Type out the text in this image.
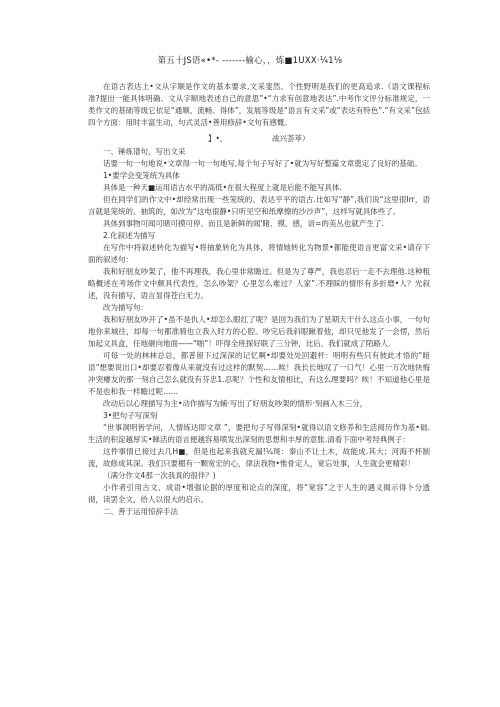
第五十JS语«•*- -------榆心，，炼■1UXX·¼1⅛

在语古表达上•文从字顺是作文的基本要求,文采斐然、个性野明是我们的更高追求.《语文课程标准?提出一能具体明确、文从字顺地表述自己的意思”•“力求有创意地表达”.中考作文评分标准规定，一类作文的基础等级它依足“通顺、流畅、得体”，发展等级是“语言有文采”或“表达有特色”.“有文采”包括四个方面：用时丰富生动，句式灵活•善用修辞•文句有感慨。

】•，	战兴荟萃）

一、锤炼谱句，写出文采

话要一句一句地说•文章得一句一句地写,每个句子写好了•就为写好整篇文章奠定了良好的基础。

1•要学会变笼统为具体

具体是一种天■运用语古水平的高低•在很大程度上就是后能不能写具体.

但在同学们的作文中•却经常出现一些笼统的、表达平平的语古.比如写“静”,我们说“这里很Irr，语言就是笼统的、抽筑的，如改为“这电很静•只听见空和纸摩擦的沙沙声”，这样写就具体些了。

具体到事物可闻可睹可摸可停、而且是新鲜的闻'睹、摸、感，谙=的美丛也就产生了.

2.化叙述为描写

在写作中将叙述转化为描写•将抽象转化为具体，将情她转化为物景•都能使语言更富文采•请存下面的叙述句：

我和好朋友吵架了，他不再理我，我心里非常瞻过。但是为了尊严，我也忍后一走不去理他.这种粗略概述在考场作文中颇具代表性，怎么吵架？心里怎么难过？人家”.不理睬的情形有多折磨•人？光叙述，没有描写，语言显得苍白无力。

改为描写句：

我和好朋友吵开了•虽不是仇人•却怎么眼红了呢？是回为我们为了星期天干什么这点小事，一句句地你来城往，却每一句都准骑也立我入时方的心腔。吵完后我斜眼瞅着他，却只见他发了一会愣，然后加起文具盒，任地砸向地面——“啪”！吓得全班探好联了三分钟，比后，我们就成了陌路人.

可每一处的林林总总，都普留下过深深的记忆啊•却要处处回避杆：明明有些只有彼此才悟的“暗语”想要说出口•却要忍着像从来就没有过这样的默契……唉！我长长地叹了一口气！心里一万次地快悔冲突瘿友的那一刻自己怎么就没有芬忠1.忍呢？个性和友情相比，有这么理要吗？唉！不知道他心里是不是也和我一样瞻过呢……

改动后以心理描写为主•动作描写为辅·写出了好朋友吵架的情形·刻画入木三分，

3•把句子写深刻

“世事洞明皆学问，人情练达即文章 ”，要把句子写得深刻•就得以语文修养和生活阅历作为基•础.生活的积淀越厚实•睇活的语言便越容易喷发出深刻的思想和丰厚的意胀.清看下面中考羟典例子：

这件事情已接过去几H■，但是也起来我就充漏!¼斑：秦山不让土木，故能成.其大；河海不杯制流，故修成其深。我们只要楣有一颗宽宏的心，律法我物•惟骨定人，宽忘处事，人生就会更精彩！

（满分作文4那一次我真的很伴？)

小作者引用古文、成语•增强论据的厚度和论点的深度，将“宽容”之于人生的遇义揭示得卜分透彻，读罢全文，给人以很大的启示。

二、善于运用惊辞手法
